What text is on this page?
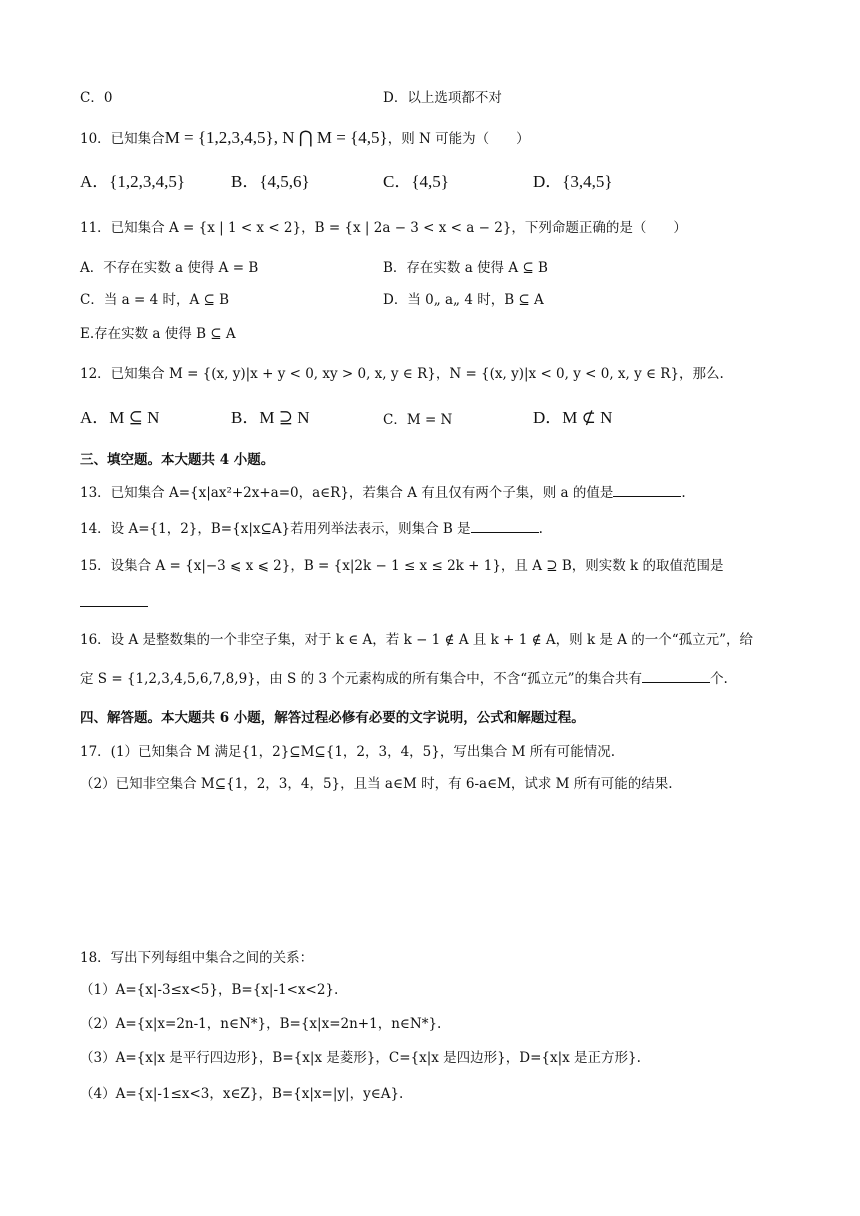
C．0	D．以上选项都不对
10．已知集合M = {1,2,3,4,5}, N ⋂ M = {4,5}，则 N 可能为（　　）
A．{1,2,3,4,5}	B．{4,5,6}	C．{4,5}	D．{3,4,5}
11．已知集合 A = {x | 1 < x < 2}，B = {x | 2a − 3 < x < a − 2}，下列命题正确的是（　　）
A．不存在实数 a 使得 A = B	B．存在实数 a 使得 A ⊆ B
C．当 a = 4 时，A ⊆ B	D．当 0„ a„ 4 时，B ⊆ A
E.存在实数 a 使得 B ⊆ A
12．已知集合 M = {(x, y)|x + y < 0, xy > 0, x, y ∈ R}，N = {(x, y)|x < 0, y < 0, x, y ∈ R}，那么.
A．M ⊆ N	B．M ⊇ N	C．M = N	D．M ⊄ N
三、填空题。本大题共 4 小题。
13．已知集合 A={x|ax²+2x+a=0，a∈R}，若集合 A 有且仅有两个子集，则 a 的值是	.
14．设 A={1，2}，B={x|x⊆A}若用列举法表示，则集合 B 是	.
15．设集合 A = {x|−3 ⩽ x ⩽ 2}，B = {x|2k − 1 ≤ x ≤ 2k + 1}，且 A ⊇ B，则实数 k 的取值范围是
16．设 A 是整数集的一个非空子集，对于 k ∈ A，若 k − 1 ∉ A 且 k + 1 ∉ A，则 k 是 A 的一个“孤立元”，给
定 S = {1,2,3,4,5,6,7,8,9}，由 S 的 3 个元素构成的所有集合中，不含“孤立元”的集合共有	个.
四、解答题。本大题共 6 小题，解答过程必修有必要的文字说明，公式和解题过程。
17．(1）已知集合 M 满足{1，2}⊆M⊆{1，2，3，4，5}，写出集合 M 所有可能情况.
（2）已知非空集合 M⊆{1，2，3，4，5}，且当 a∈M 时，有 6-a∈M，试求 M 所有可能的结果.
18．写出下列每组中集合之间的关系：
（1）A={x|-3≤x<5}，B={x|-1<x<2}.
（2）A={x|x=2n-1，n∈N*}，B={x|x=2n+1，n∈N*}.
（3）A={x|x 是平行四边形}，B={x|x 是菱形}，C={x|x 是四边形}，D={x|x 是正方形}.
（4）A={x|-1≤x<3，x∈Z}，B={x|x=|y|，y∈A}.
